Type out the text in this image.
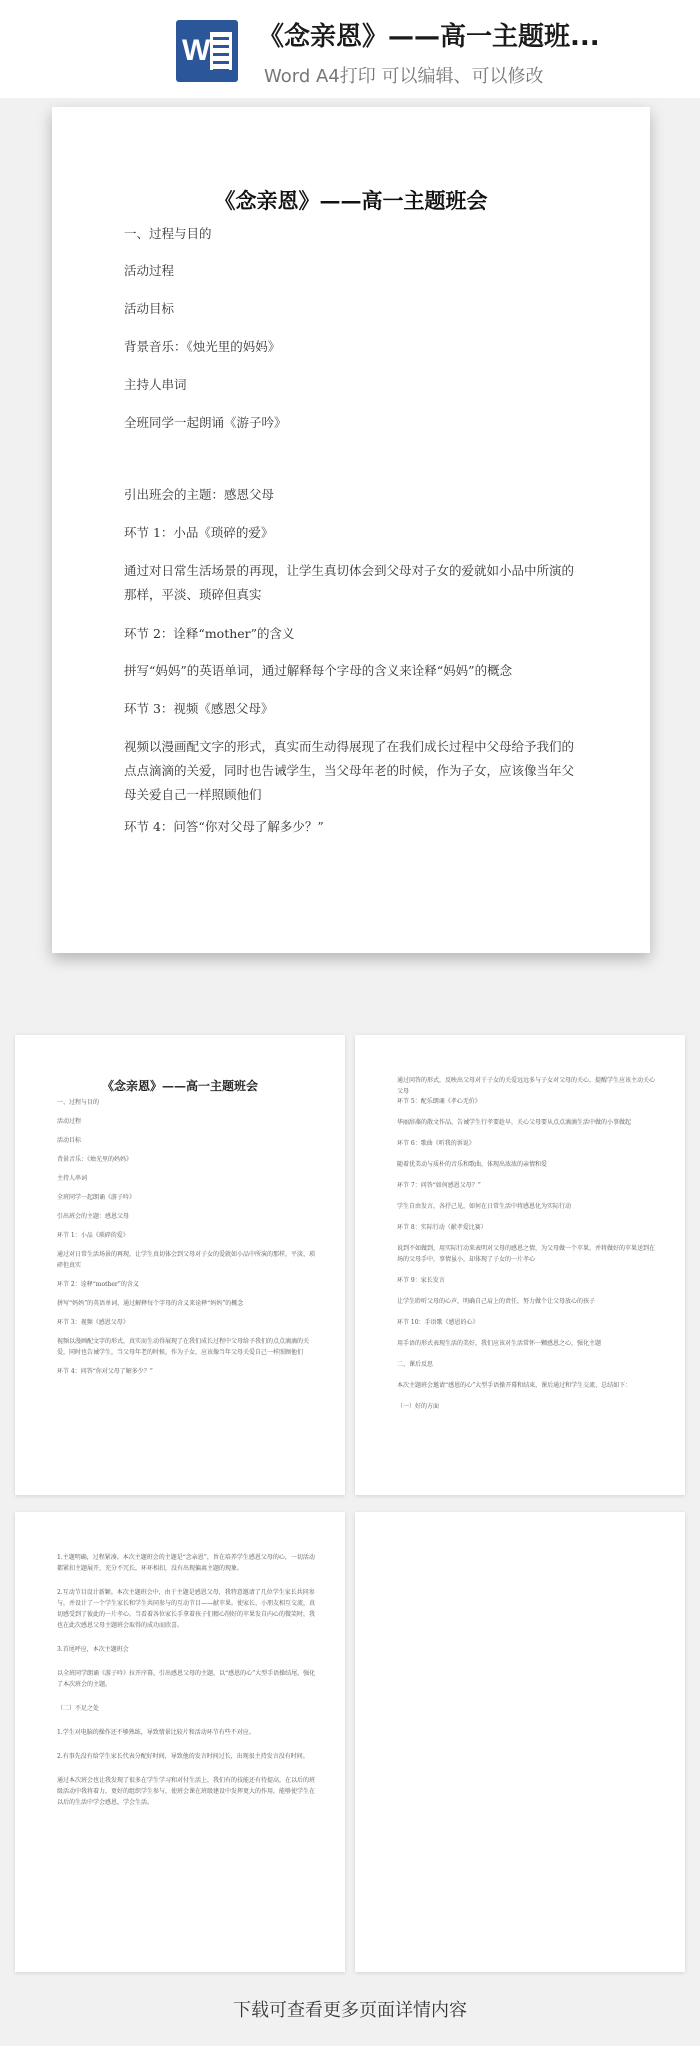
W 《念亲恩》——高一主题班...
Word A4打印 可以编辑、可以修改
《念亲恩》——高一主题班会
一、过程与目的
活动过程
活动目标
背景音乐：《烛光里的妈妈》
主持人串词
全班同学一起朗诵《游子吟》
引出班会的主题：感恩父母
环节 1：小品《琐碎的爱》
通过对日常生活场景的再现，让学生真切体会到父母对子女的爱就如小品中所演的那样，平淡、琐碎但真实
环节 2：诠释“mother”的含义
拼写“妈妈”的英语单词，通过解释每个字母的含义来诠释“妈妈”的概念
环节 3：视频《感恩父母》
视频以漫画配文字的形式，真实而生动得展现了在我们成长过程中父母给予我们的点点滴滴的关爱，同时也告诫学生，当父母年老的时候，作为子女，应该像当年父母关爱自己一样照顾他们
环节 4：问答“你对父母了解多少？”
《念亲恩》——高一主题班会
一、过程与目的
活动过程
活动目标
背景音乐：《烛光里的妈妈》
主持人串词
全班同学一起朗诵《游子吟》
引出班会的主题：感恩父母
环节 1：小品《琐碎的爱》
通过对日常生活场景的再现，让学生真切体会到父母对子女的爱就如小品中所演的那样，平淡、琐碎但真实
环节 2：诠释“mother”的含义
拼写“妈妈”的英语单词，通过解释每个字母的含义来诠释“妈妈”的概念
环节 3：视频《感恩父母》
视频以漫画配文字的形式，真实而生动得展现了在我们成长过程中父母给予我们的点点滴滴的关爱，同时也告诫学生，当父母年老的时候，作为子女，应该像当年父母关爱自己一样照顾他们
环节 4：问答“你对父母了解多少？”
通过问答的形式，反映出父母对于子女的关爱远远多与子女对父母的关心，提醒学生应该主动关心父母
环节 5：配乐朗诵《孝心无价》
华丽辞藻的散文作品，告诫学生行孝要趁早，关心父母要从点点滴滴生活中做的小事做起
环节 6：歌曲《听我的诉说》
随着优美动与质朴的音乐和歌曲，体现出浓浓的亲情和爱
环节 7：问答“如何感恩父母？”
学生自由发言，各抒己见，如何在日常生活中将感恩化为实际行动
环节 8：实际行动（献孝爱比赛）
说到不如做到，用实际行动来表明对父母的感恩之情，为父母做一个苹果，并将做好的苹果送到在场的父母手中，事情虽小，却体现了子女的一片孝心
环节 9：家长发言
让学生聆听父母的心声，明确自己肩上的责任，努力做个让父母放心的孩子
环节 10：手语歌《感恩的心》
用手语的形式表现生活的美好，我们应该对生活常怀一颗感恩之心，强化主题
二、课后反思
本次主题班会邀请“感恩的心”大型手语操开幕和结束，课后通过和学生交流、总结如下：
（一）好的方面
1.主题明确，过程紧凑。本次主题班会的主题是“念亲恩”，旨在培养学生感恩父母的心，一切活动都紧扣主题展开，充分不冗长，环环相扣，没有出现偏离主题的现象。
2.互动节目设计新颖。本次主题班会中，由于主题是感恩父母，我特意邀请了几位学生家长共同参与，并设计了一个学生家长和学生共同参与的互动节目——献苹果。使家长、小朋友相互交流，真切感受到了彼此的一片孝心。当看着各位家长手拿着孩子们精心削好的苹果发自内心的微笑时，我也在此次感恩父母主题班会取得的成功而欣喜。
3.首尾呼应，本次主题班会
以全班同学朗诵《游子吟》拉开序幕，引出感恩父母的主题，以“感恩的心”大型手语操结尾，强化了本次班会的主题。
（二）不足之处
1.学生对电脑的操作还不够熟练，导致情景比较片和活动环节有些不对应。
2.有事先没有给学生家长代表分配好时间，导致他的发言时间过长，出现很主持发言没有时间。
通过本次班会也让我发现了很多在学生学习和对付生活上，我们有的技能还有待提高，在以后的班级活动中我将着力，更好的组织学生参与，使班会课在班级建设中发挥更大的作用，能够使学生在以后的生活中学会感恩，学会生活。
下载可查看更多页面详情内容
